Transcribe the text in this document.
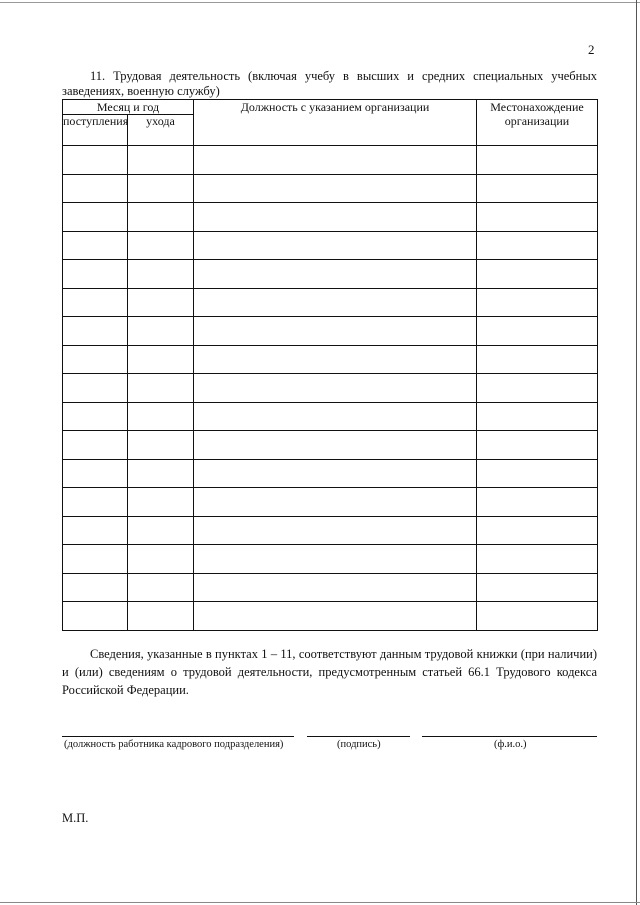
2
11. Трудовая деятельность (включая учебу в высших и средних специальных учебных заведениях, военную службу)
Месяц и год		Должность с указанием организации	Местонахождение организации
поступления	ухода		

Сведения, указанные в пунктах 1 – 11, соответствуют данным трудовой книжки (при наличии) и (или) сведениям о трудовой деятельности, предусмотренным статьей 66.1 Трудового кодекса Российской Федерации.
(должность работника кадрового подразделения)	(подпись)	(ф.и.о.)
М.П.
